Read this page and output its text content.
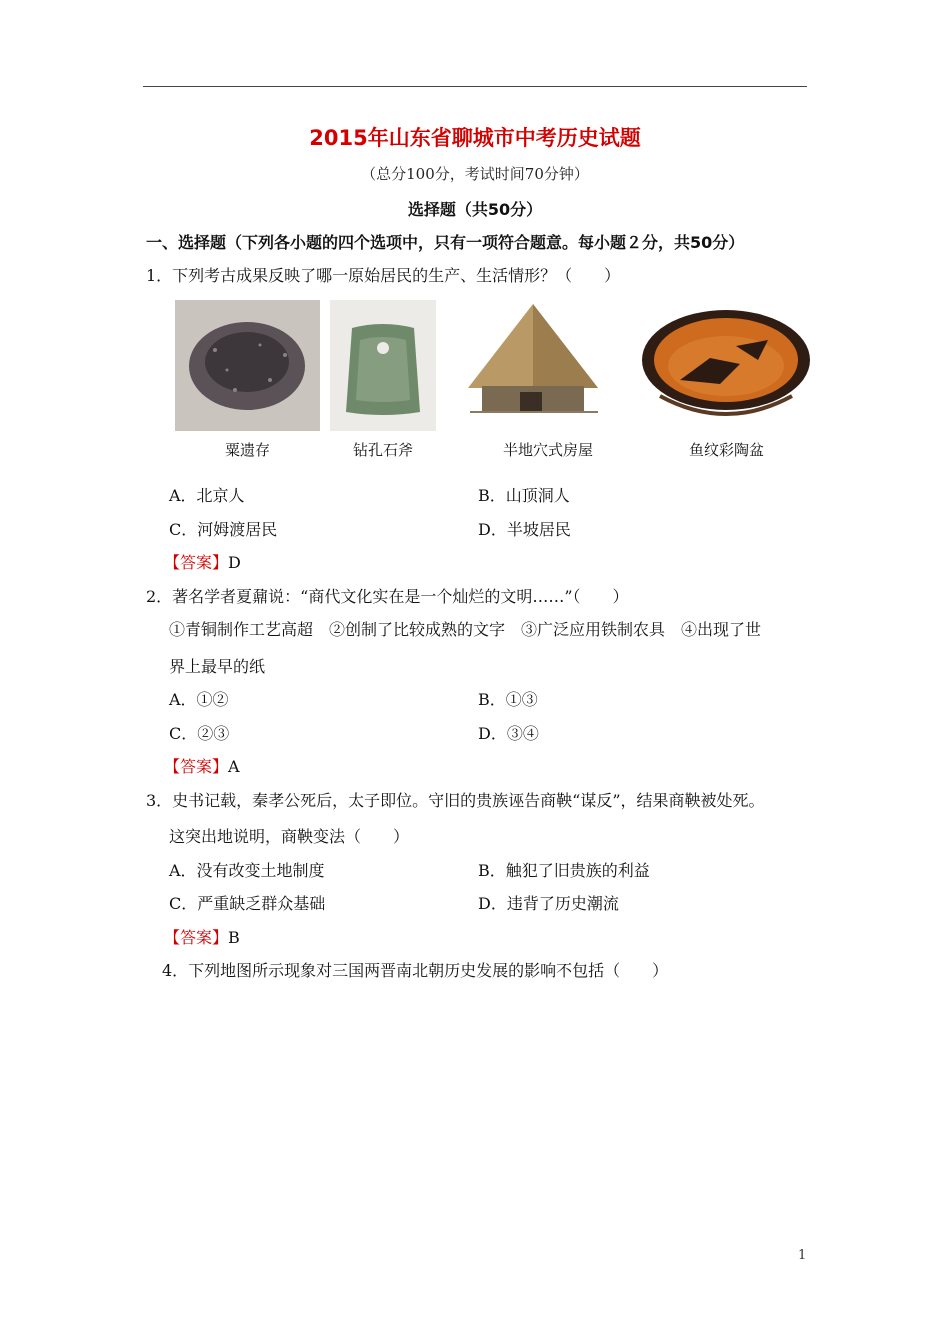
2015年山东省聊城市中考历史试题
（总分100分，考试时间70分钟）
选择题（共50分）
一、选择题（下列各小题的四个选项中，只有一项符合题意。每小题２分，共50分）
1．下列考古成果反映了哪一原始居民的生产、生活情形？（　　）
粟遗存	钻孔石斧	半地穴式房屋	鱼纹彩陶盆
A．北京人	B．山顶洞人
C．河姆渡居民	D．半坡居民
【答案】D
2．著名学者夏鼐说：“商代文化实在是一个灿烂的文明……”（　　）
①青铜制作工艺高超　②创制了比较成熟的文字　③广泛应用铁制农具　④出现了世
界上最早的纸
A．①②	B．①③
C．②③	D．③④
【答案】A
3．史书记载，秦孝公死后，太子即位。守旧的贵族诬告商鞅“谋反”，结果商鞅被处死。
这突出地说明，商鞅变法（　　）
A．没有改变土地制度	B．触犯了旧贵族的利益
C．严重缺乏群众基础	D．违背了历史潮流
【答案】B
4．下列地图所示现象对三国两晋南北朝历史发展的影响不包括（　　）
1
